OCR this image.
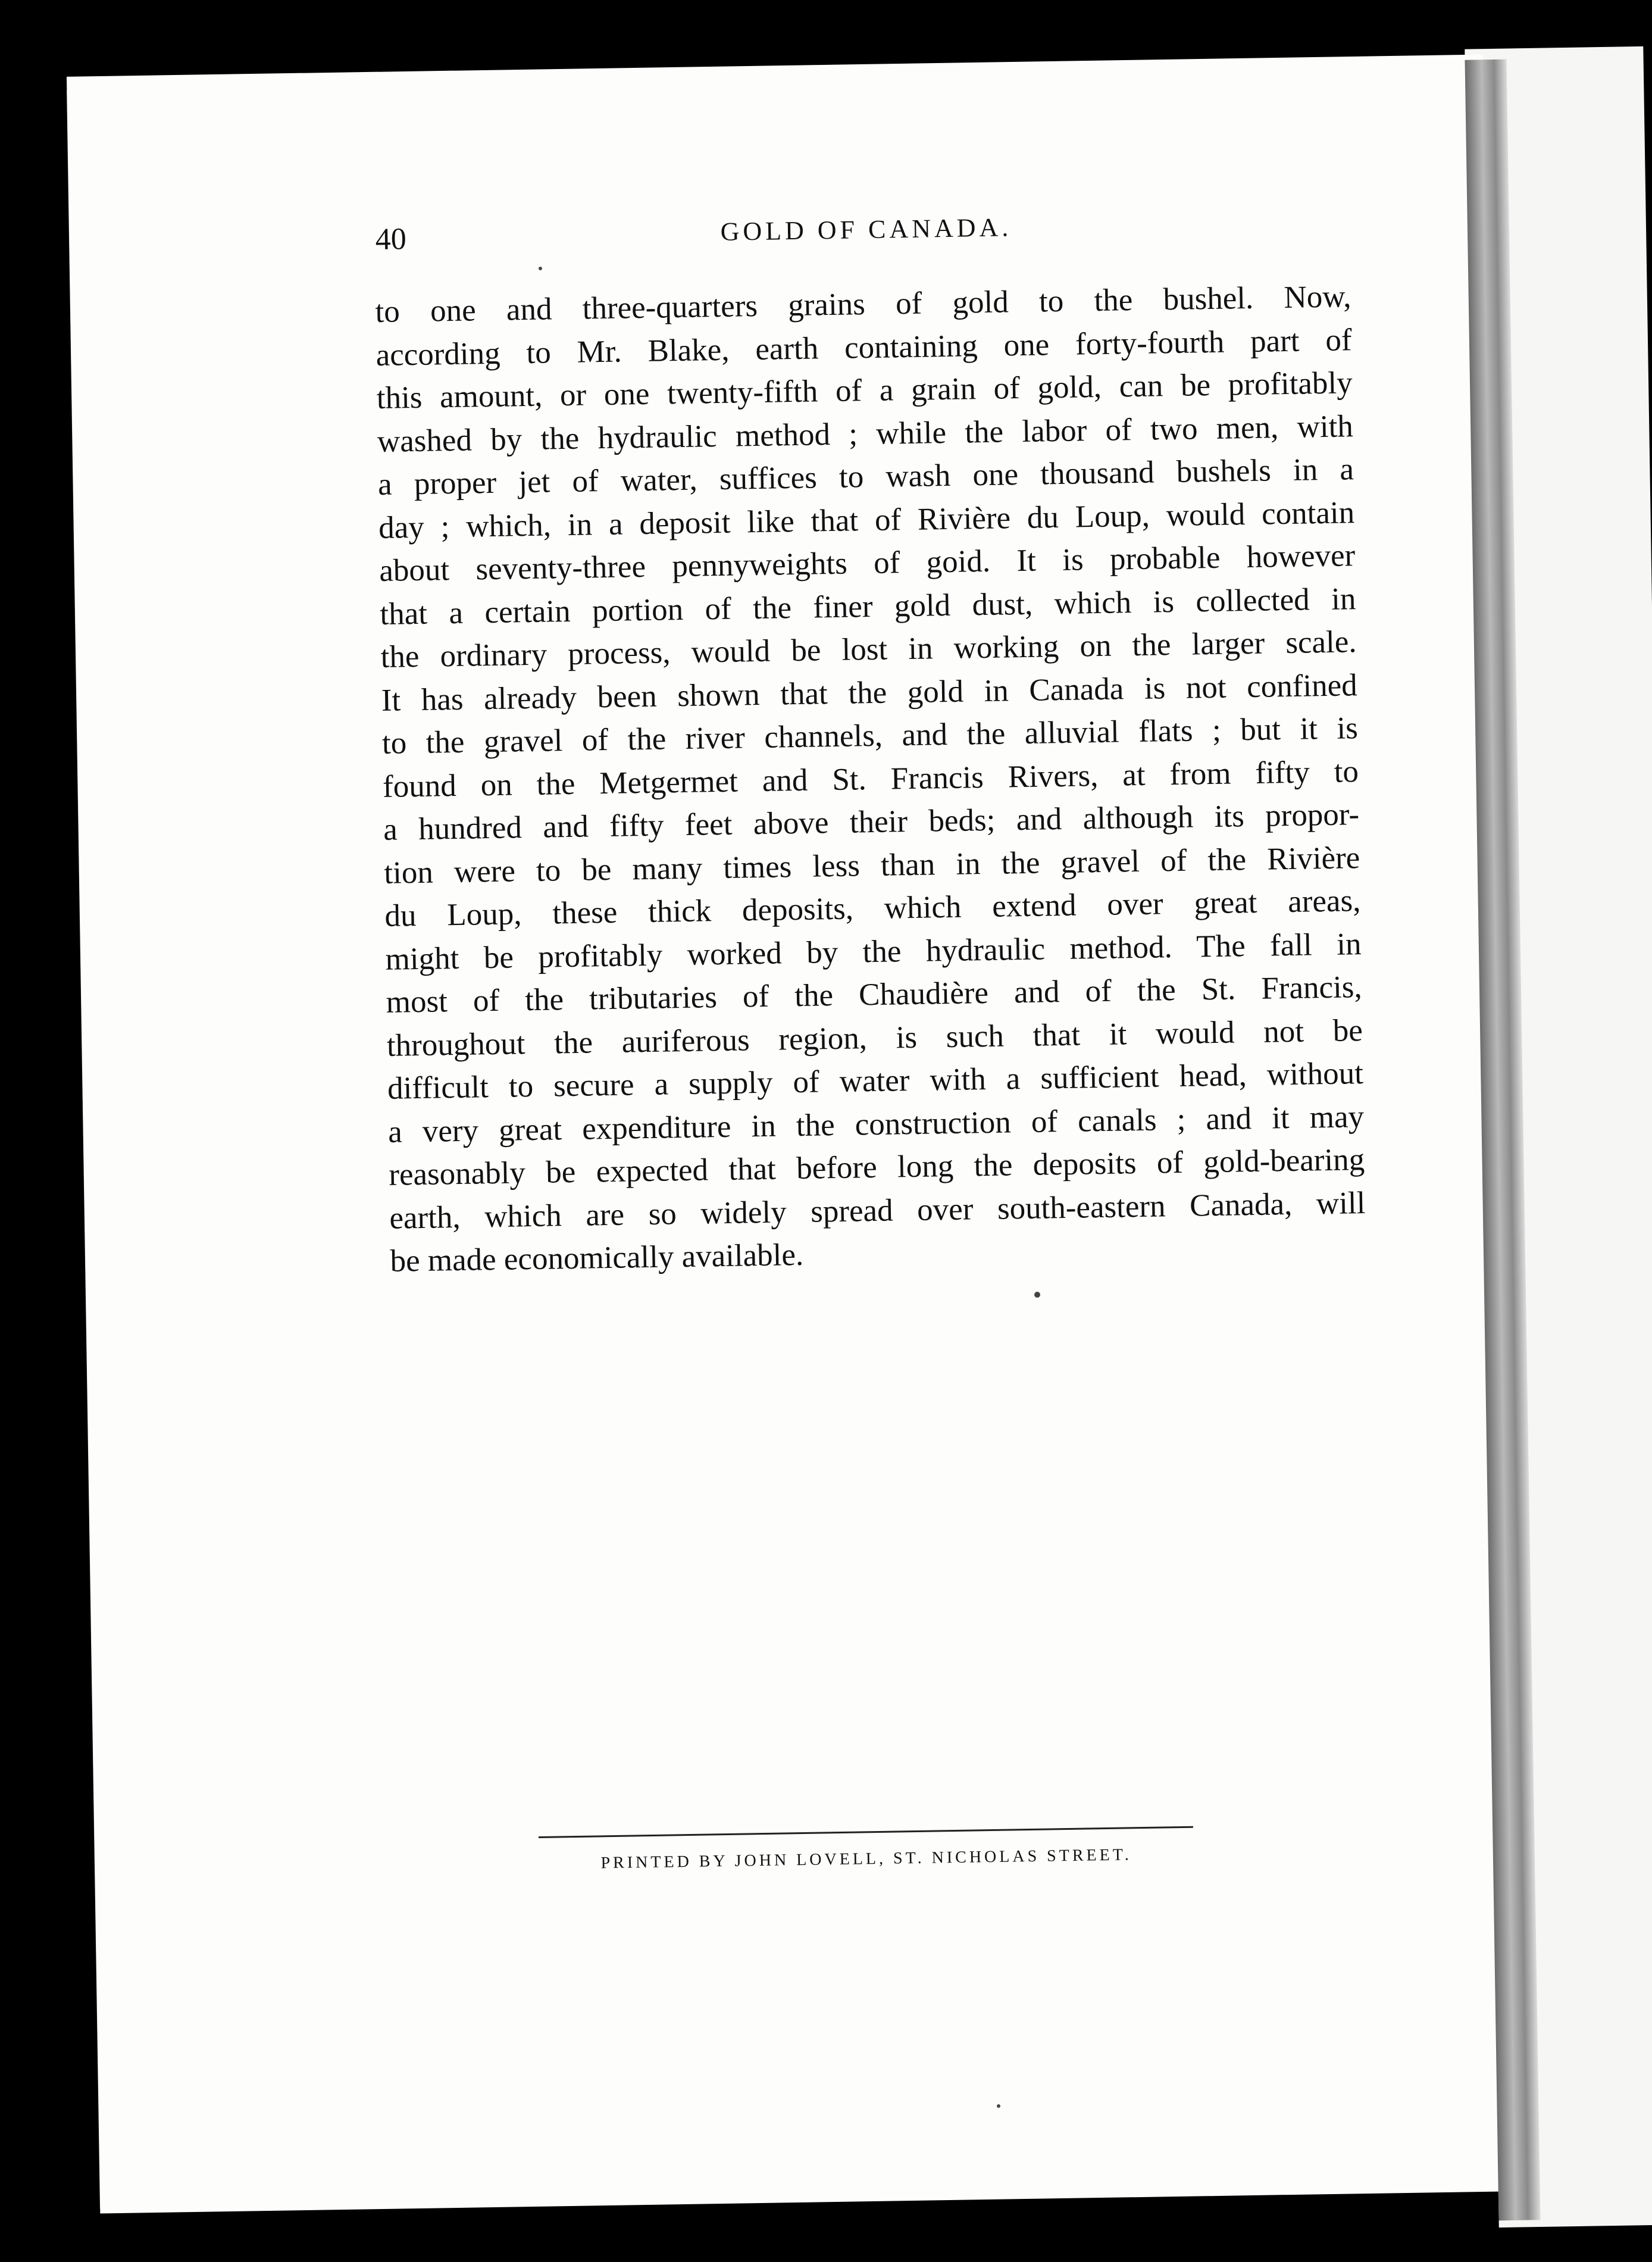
40	GOLD OF CANADA.
to one and three-quarters grains of gold to the bushel. Now,
according to Mr. Blake, earth containing one forty-fourth part of
this amount, or one twenty-fifth of a grain of gold, can be profitably
washed by the hydraulic method ; while the labor of two men, with
a proper jet of water, suffices to wash one thousand bushels in a
day ; which, in a deposit like that of Rivière du Loup, would contain
about seventy-three pennyweights of goid. It is probable however
that a certain portion of the finer gold dust, which is collected in
the ordinary process, would be lost in working on the larger scale.
It has already been shown that the gold in Canada is not confined
to the gravel of the river channels, and the alluvial flats ; but it is
found on the Metgermet and St. Francis Rivers, at from fifty to
a hundred and fifty feet above their beds; and although its propor-
tion were to be many times less than in the gravel of the Rivière
du Loup, these thick deposits, which extend over great areas,
might be profitably worked by the hydraulic method. The fall in
most of the tributaries of the Chaudière and of the St. Francis,
throughout the auriferous region, is such that it would not be
difficult to secure a supply of water with a sufficient head, without
a very great expenditure in the construction of canals ; and it may
reasonably be expected that before long the deposits of gold-bearing
earth, which are so widely spread over south-eastern Canada, will
be made economically available.
PRINTED BY JOHN LOVELL, ST. NICHOLAS STREET.
